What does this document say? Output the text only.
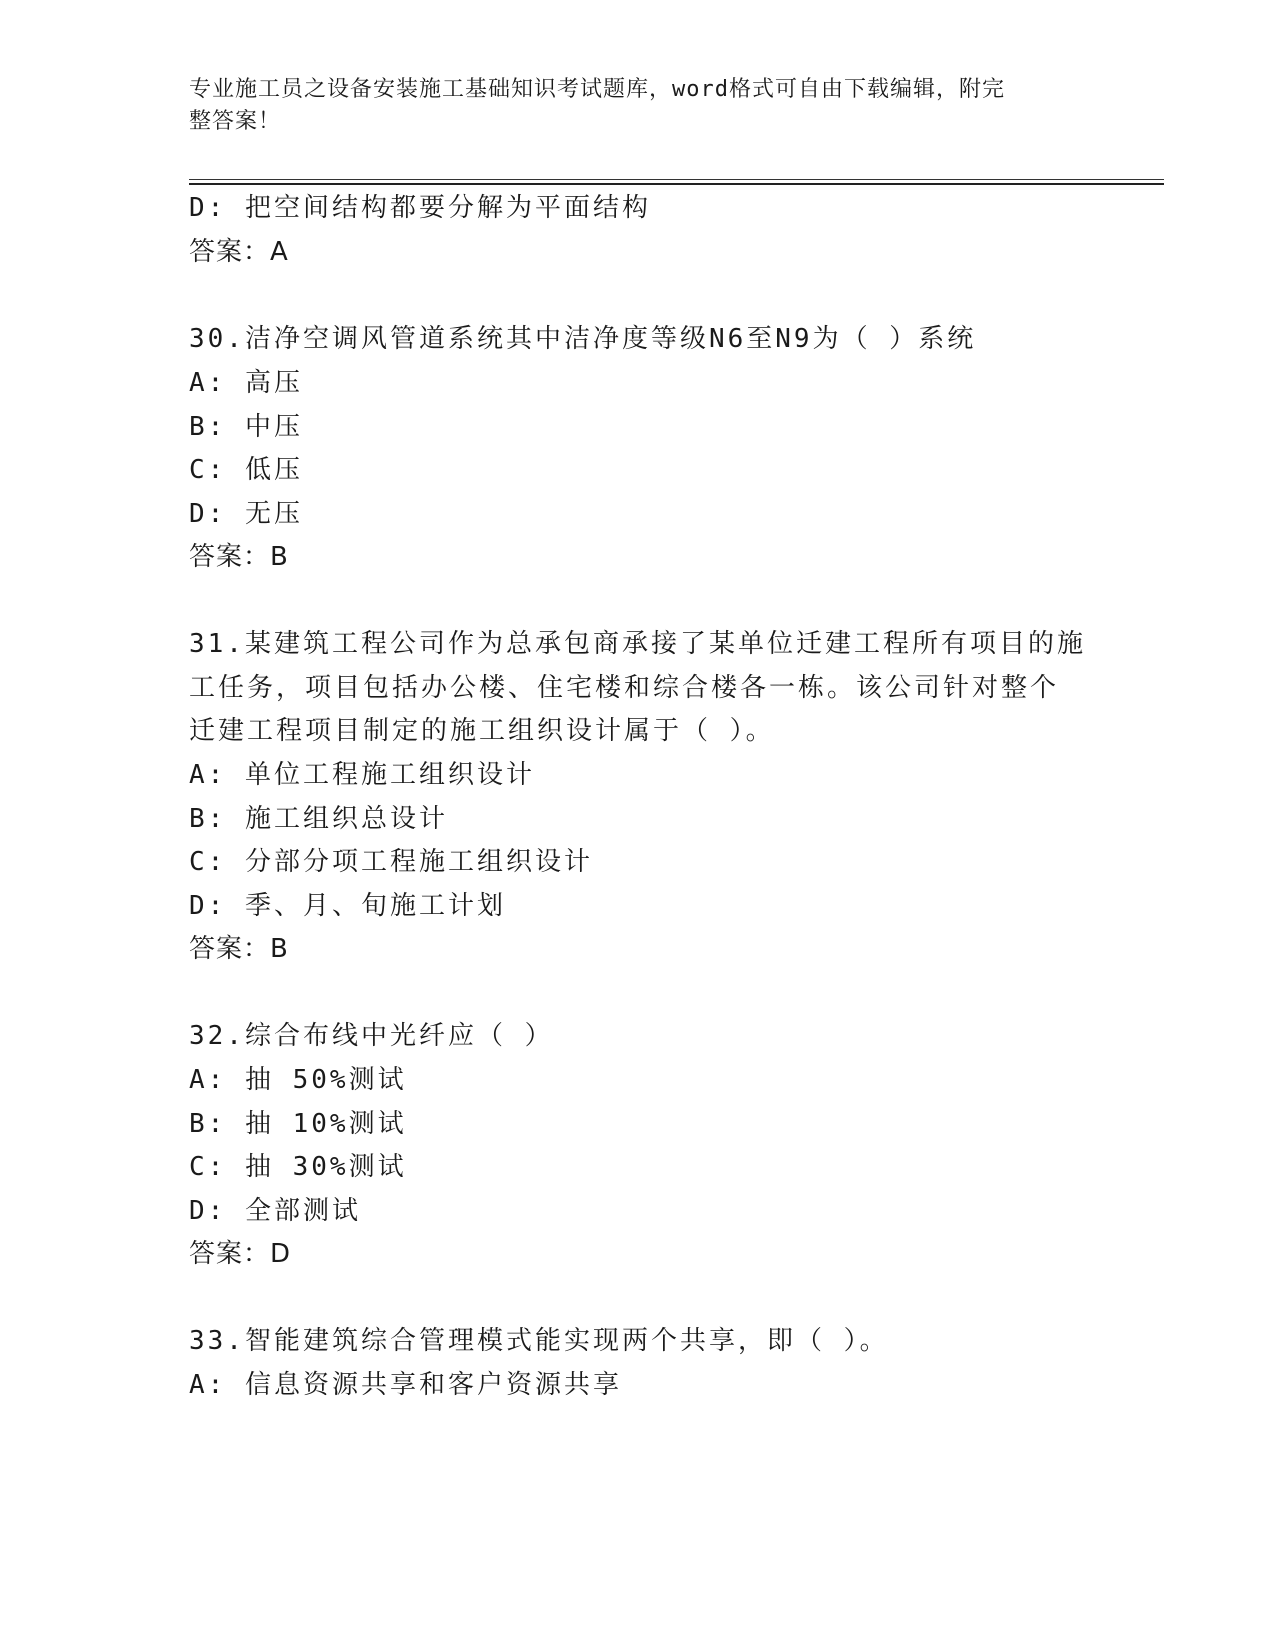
专业施工员之设备安装施工基础知识考试题库，word格式可自由下载编辑，附完
整答案！
D: 把空间结构都要分解为平面结构
答案：A
30.洁净空调风管道系统其中洁净度等级N6至N9为（ ）系统
A: 高压
B: 中压
C: 低压
D: 无压
答案：B
31.某建筑工程公司作为总承包商承接了某单位迁建工程所有项目的施
工任务，项目包括办公楼、住宅楼和综合楼各一栋。该公司针对整个
迁建工程项目制定的施工组织设计属于（ ）。
A: 单位工程施工组织设计
B: 施工组织总设计
C: 分部分项工程施工组织设计
D: 季、月、旬施工计划
答案：B
32.综合布线中光纤应（ ）
A: 抽 50%测试
B: 抽 10%测试
C: 抽 30%测试
D: 全部测试
答案：D
33.智能建筑综合管理模式能实现两个共享，即（ ）。
A: 信息资源共享和客户资源共享
